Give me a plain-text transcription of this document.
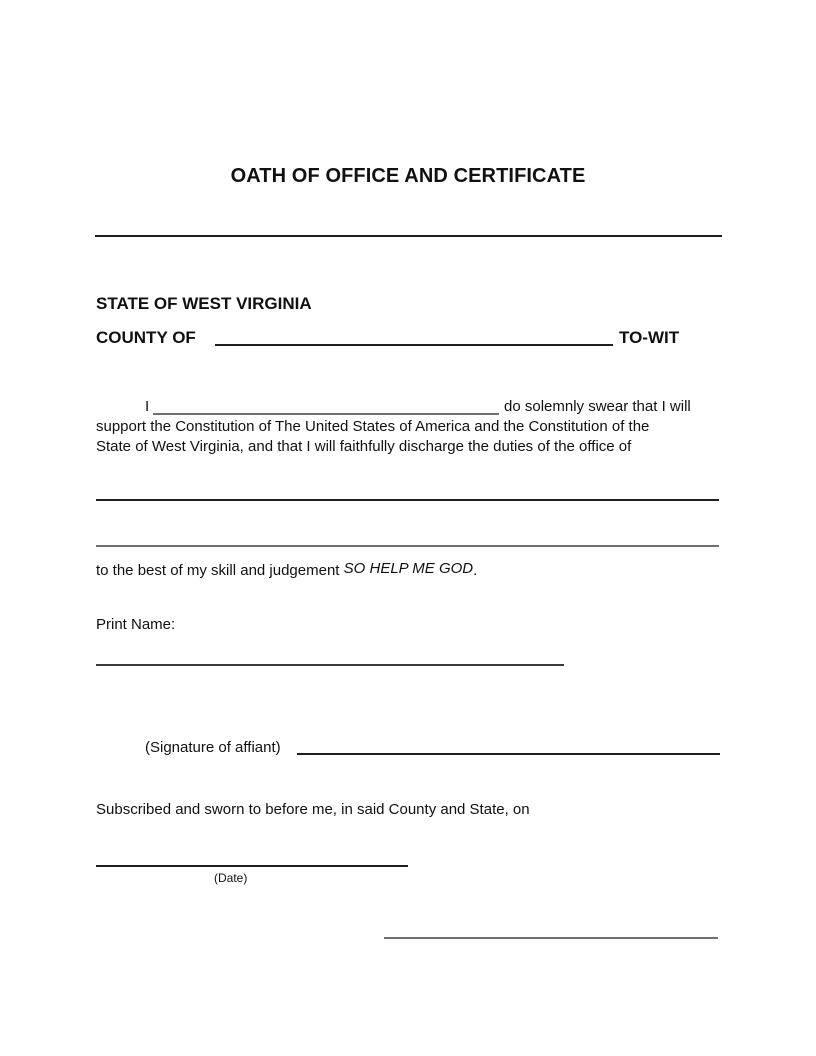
OATH OF OFFICE AND CERTIFICATE
STATE OF WEST VIRGINIA
COUNTY OF	TO-WIT
I	do solemnly swear that I will
support the Constitution of The United States of America and the Constitution of the
State of West Virginia, and that I will faithfully discharge the duties of the office of
to the best of my skill and judgement SO HELP ME GOD.
Print Name:
(Signature of affiant)
Subscribed and sworn to before me, in said County and State, on
(Date)
